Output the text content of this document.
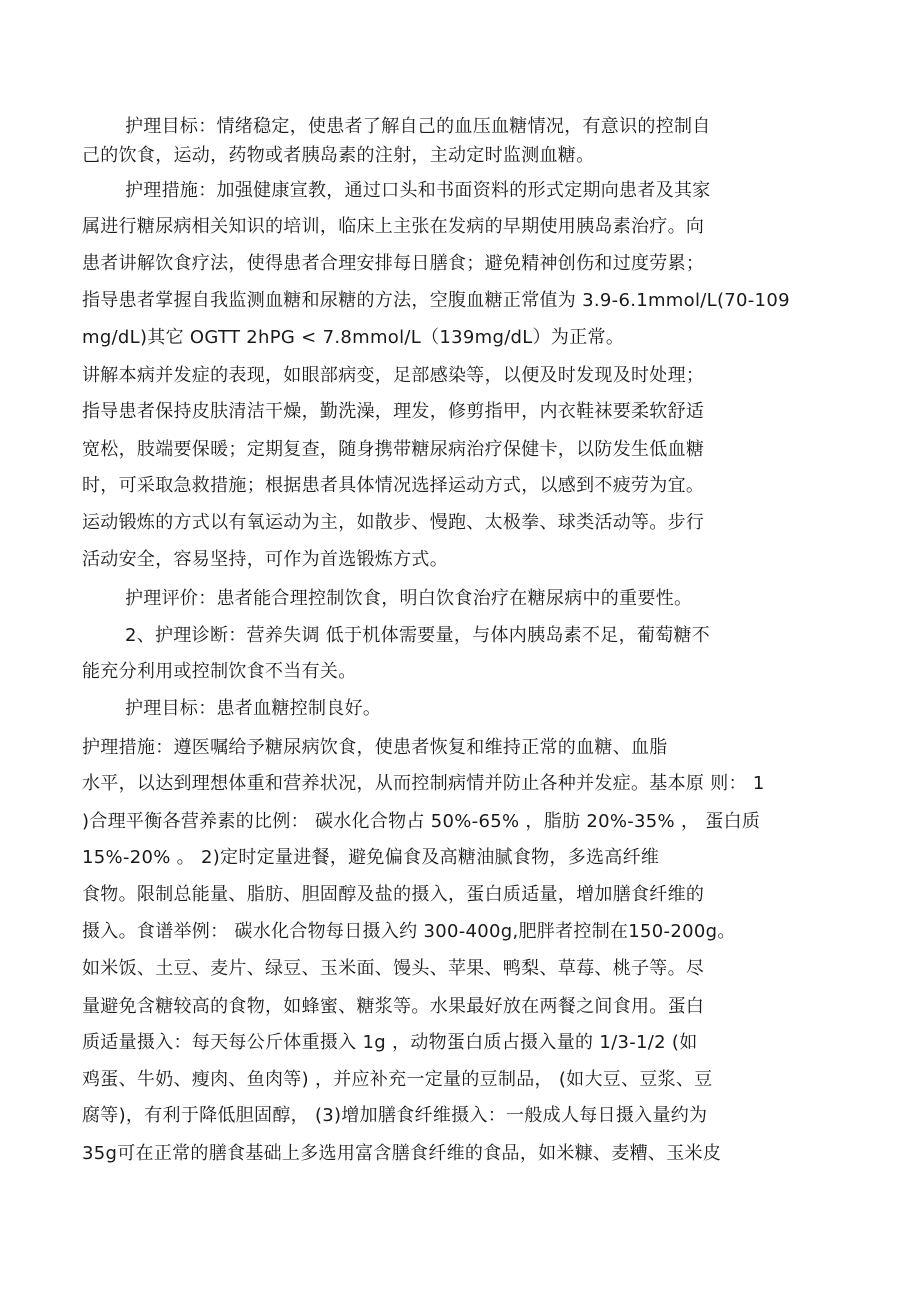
护理目标：情绪稳定，使患者了解自己的血压血糖情况，有意识的控制自
己的饮食，运动，药物或者胰岛素的注射，主动定时监测血糖。
护理措施：加强健康宣教，通过口头和书面资料的形式定期向患者及其家
属进行糖尿病相关知识的培训，临床上主张在发病的早期使用胰岛素治疗。向
患者讲解饮食疗法，使得患者合理安排每日膳食；避免精神创伤和过度劳累；
指导患者掌握自我监测血糖和尿糖的方法，空腹血糖正常值为 3.9-6.1mmol/L(70-109
mg/dL)其它 OGTT 2hPG < 7.8mmol/L（139mg/dL）为正常。
讲解本病并发症的表现，如眼部病变，足部感染等，以便及时发现及时处理；
指导患者保持皮肤清洁干燥，勤洗澡，理发，修剪指甲，内衣鞋袜要柔软舒适
宽松，肢端要保暖；定期复查，随身携带糖尿病治疗保健卡，以防发生低血糖
时，可采取急救措施；根据患者具体情况选择运动方式，以感到不疲劳为宜。
运动锻炼的方式以有氧运动为主，如散步、慢跑、太极拳、球类活动等。步行
活动安全，容易坚持，可作为首选锻炼方式。
护理评价：患者能合理控制饮食，明白饮食治疗在糖尿病中的重要性。
2、护理诊断：营养失调 低于机体需要量，与体内胰岛素不足，葡萄糖不
能充分利用或控制饮食不当有关。
护理目标：患者血糖控制良好。
护理措施：遵医嘱给予糖尿病饮食，使患者恢复和维持正常的血糖、血脂
水平，以达到理想体重和营养状况，从而控制病情并防止各种并发症。基本原 则： 1
)合理平衡各营养素的比例： 碳水化合物占 50%-65% ，脂肪 20%-35% ， 蛋白质
15%-20% 。 2)定时定量进餐，避免偏食及高糖油腻食物，多选高纤维
食物。限制总能量、脂肪、胆固醇及盐的摄入，蛋白质适量，增加膳食纤维的
摄入。食谱举例： 碳水化合物每日摄入约 300-400g,肥胖者控制在150-200g。
如米饭、土豆、麦片、绿豆、玉米面、馒头、苹果、鸭梨、草莓、桃子等。尽
量避免含糖较高的食物，如蜂蜜、糖浆等。水果最好放在两餐之间食用。蛋白
质适量摄入：每天每公斤体重摄入 1g ，动物蛋白质占摄入量的 1/3-1/2 (如
鸡蛋、牛奶、瘦肉、鱼肉等) ，并应补充一定量的豆制品， (如大豆、豆浆、豆
腐等)，有利于降低胆固醇， (3)增加膳食纤维摄入：一般成人每日摄入量约为
35g可在正常的膳食基础上多选用富含膳食纤维的食品，如米糠、麦糟、玉米皮
